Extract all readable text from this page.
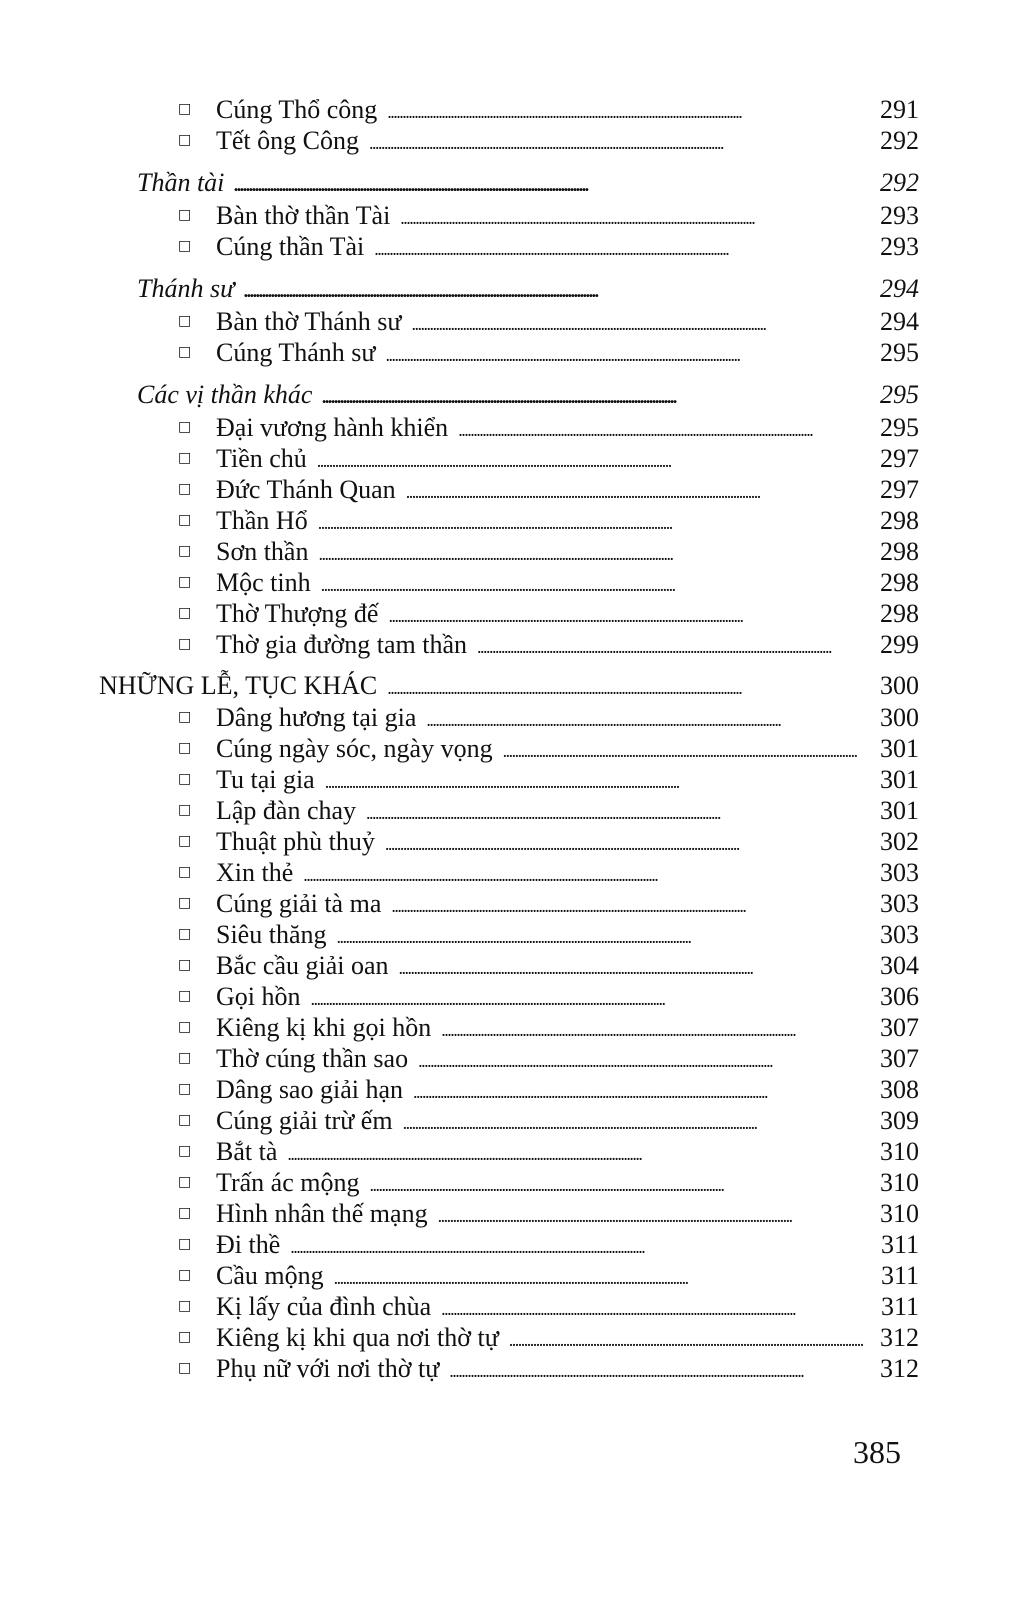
□ Cúng Thổ công . . .	291
□ Tết ông Công . . .	292
Thần tài . . .	292
□ Bàn thờ thần Tài . . .	293
□ Cúng thần Tài . . .	293
Thánh sư . . .	294
□ Bàn thờ Thánh sư . . .	294
□ Cúng Thánh sư . . .	295
Các vị thần khác . . .	295
□ Đại vương hành khiển . . .	295
□ Tiền chủ . . .	297
□ Đức Thánh Quan . . .	297
□ Thần Hổ . . .	298
□ Sơn thần . . .	298
□ Mộc tinh . . .	298
□ Thờ Thượng đế . . .	298
□ Thờ gia đường tam thần . . .	299
NHỮNG LỄ, TỤC KHÁC . . .	300
□ Dâng hương tại gia . . .	300
□ Cúng ngày sóc, ngày vọng . . .	301
□ Tu tại gia . . .	301
□ Lập đàn chay . . .	301
□ Thuật phù thuỷ . . .	302
□ Xin thẻ . . .	303
□ Cúng giải tà ma . . .	303
□ Siêu thăng . . .	303
□ Bắc cầu giải oan . . .	304
□ Gọi hồn . . .	306
□ Kiêng kị khi gọi hồn . . .	307
□ Thờ cúng thần sao . . .	307
□ Dâng sao giải hạn . . .	308
□ Cúng giải trừ ếm . . .	309
□ Bắt tà . . .	310
□ Trấn ác mộng . . .	310
□ Hình nhân thế mạng . . .	310
□ Đi thề . . .	311
□ Cầu mộng . . .	311
□ Kị lấy của đình chùa . . .	311
□ Kiêng kị khi qua nơi thờ tự . . .	312
□ Phụ nữ với nơi thờ tự . . .	312
385
